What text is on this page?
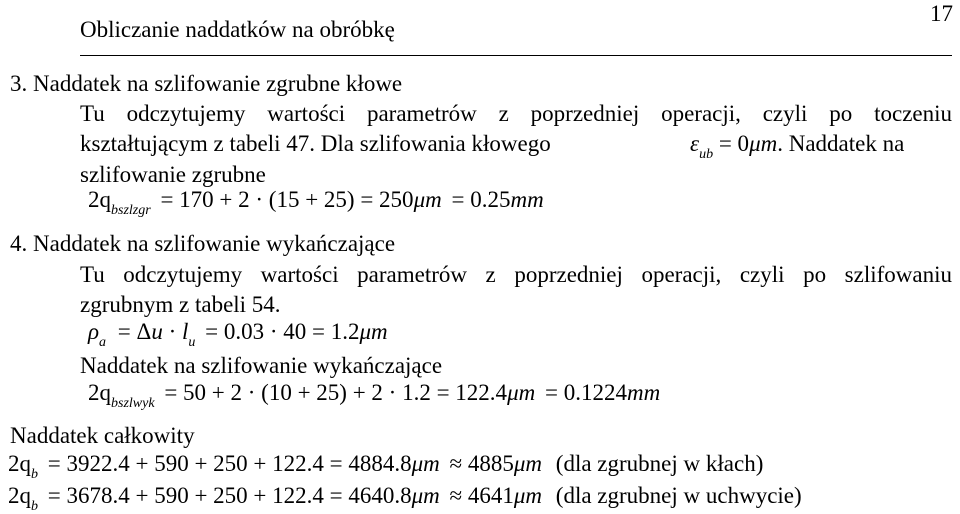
Obliczanie naddatków na obróbkę
17
3. Naddatek na szlifowanie zgrubne kłowe
Tu odczytujemy wartości parametrów z poprzedniej operacji, czyli po toczeniu
kształtującym z tabeli 47. Dla szlifowania kłowego	$\varepsilon_{ub} = 0\mu m$. Naddatek na
szlifowanie zgrubne
$2q_{bszlzgr} = 170 + 2 \cdot (15 + 25) = 250\mu m = 0.25mm$
4. Naddatek na szlifowanie wykańczające
Tu odczytujemy wartości parametrów z poprzedniej operacji, czyli po szlifowaniu
zgrubnym z tabeli 54.
$\rho_a = \Delta u \cdot l_u = 0.03 \cdot 40 = 1.2\mu m$
Naddatek na szlifowanie wykańczające
$2q_{bszlwyk} = 50 + 2 \cdot (10 + 25) + 2 \cdot 1.2 = 122.4\mu m = 0.1224mm$
Naddatek całkowity
$2q_b = 3922.4 + 590 + 250 + 122.4 = 4884.8\mu m \approx 4885\mu m$ (dla zgrubnej w kłach)
$2q_b = 3678.4 + 590 + 250 + 122.4 = 4640.8\mu m \approx 4641\mu m$ (dla zgrubnej w uchwycie)
